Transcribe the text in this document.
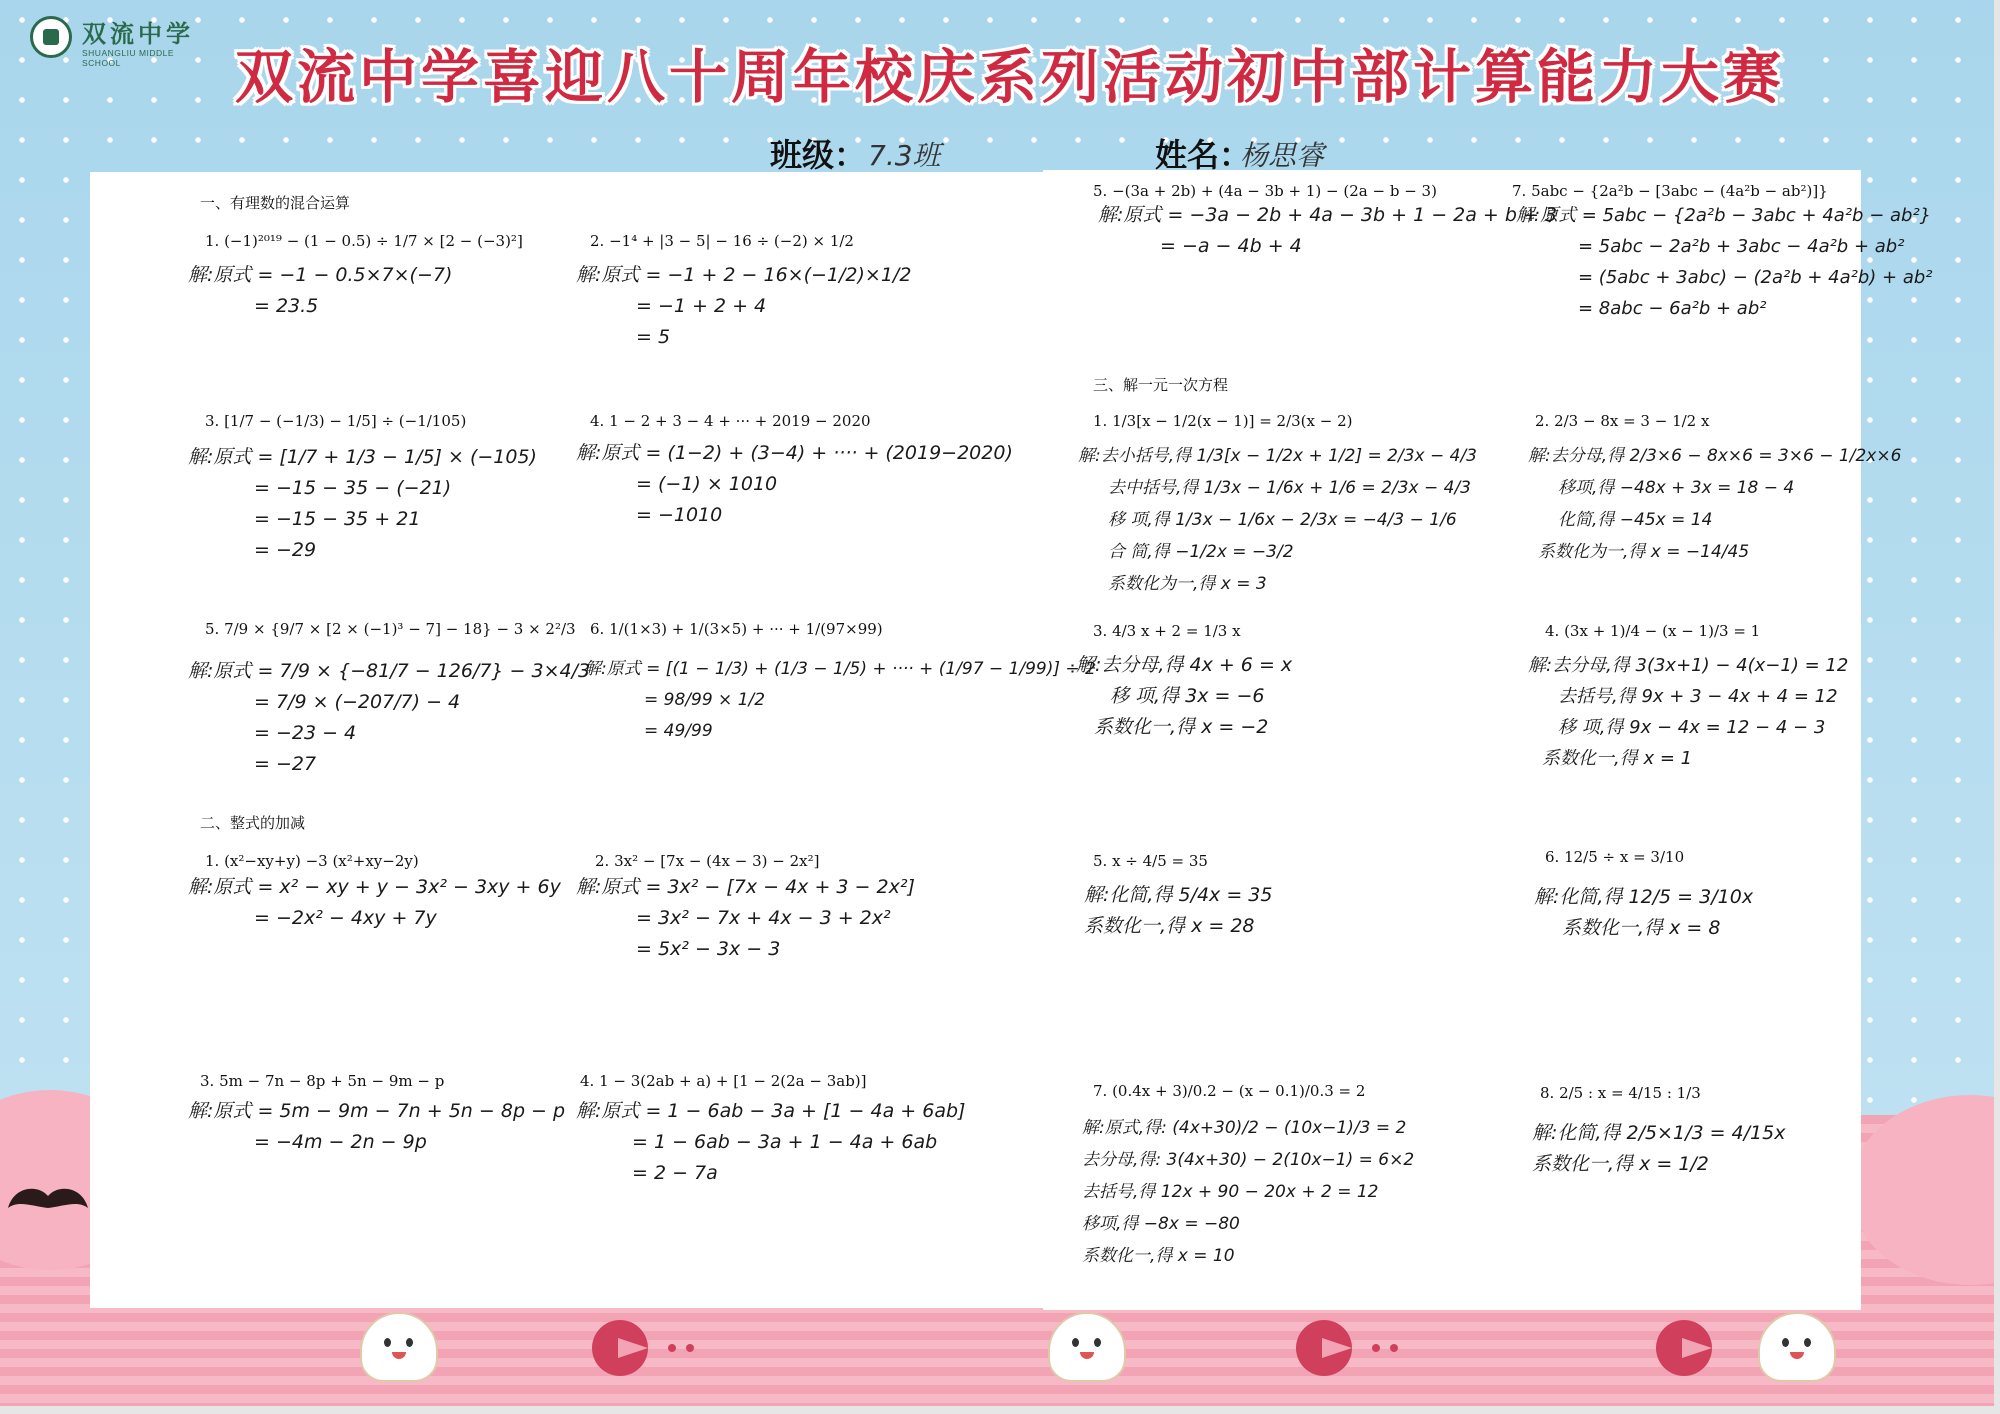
双流中学
SHUANGLIU MIDDLE SCHOOL	双流中学喜迎八十周年校庆系列活动初中部计算能力大赛
班级： 7.3班	姓名：
杨思睿
一、有理数的混合运算
二、整式的加减
三、解一元一次方程
1. (−1)²⁰¹⁹ − (1 − 0.5) ÷ 1/7 × [2 − (−3)²]
解:原式 = −1 − 0.5×7×(−7)
= 23.5
2. −1⁴ + |3 − 5| − 16 ÷ (−2) × 1/2
解:原式 = −1 + 2 − 16×(−1/2)×1/2
= −1 + 2 + 4
= 5
3. [1/7 − (−1/3) − 1/5] ÷ (−1/105)
解:原式 = [1/7 + 1/3 − 1/5] × (−105)
= −15 − 35 − (−21)
= −15 − 35 + 21
= −29
4. 1 − 2 + 3 − 4 + ··· + 2019 − 2020
解:原式 = (1−2) + (3−4) + ···· + (2019−2020)
= (−1) × 1010
= −1010
5. 7/9 × {9/7 × [2 × (−1)³ − 7] − 18} − 3 × 2²/3
解:原式 = 7/9 × {−81/7 − 126/7} − 3×4/3
= 7/9 × (−207/7) − 4
= −23 − 4
= −27
6. 1/(1×3) + 1/(3×5) + ··· + 1/(97×99)
解:原式 = [(1 − 1/3) + (1/3 − 1/5) + ···· + (1/97 − 1/99)] ÷ 2
= 98/99 × 1/2
= 49/99
1. (x²−xy+y) −3 (x²+xy−2y)
解:原式 = x² − xy + y − 3x² − 3xy + 6y
= −2x² − 4xy + 7y
2. 3x² − [7x − (4x − 3) − 2x²]
解:原式 = 3x² − [7x − 4x + 3 − 2x²]
= 3x² − 7x + 4x − 3 + 2x²
= 5x² − 3x − 3
3. 5m − 7n − 8p + 5n − 9m − p
解:原式 = 5m − 9m − 7n + 5n − 8p − p
= −4m − 2n − 9p
4. 1 − 3(2ab + a) + [1 − 2(2a − 3ab)]
解:原式 = 1 − 6ab − 3a + [1 − 4a + 6ab]
= 1 − 6ab − 3a + 1 − 4a + 6ab
= 2 − 7a
5. −(3a + 2b) + (4a − 3b + 1) − (2a − b − 3)
解:原式 = −3a − 2b + 4a − 3b + 1 − 2a + b + 3
= −a − 4b + 4
7. 5abc − {2a²b − [3abc − (4a²b − ab²)]}
解:原式 = 5abc − {2a²b − 3abc + 4a²b − ab²}
= 5abc − 2a²b + 3abc − 4a²b + ab²
= (5abc + 3abc) − (2a²b + 4a²b) + ab²
= 8abc − 6a²b + ab²
1. 1/3[x − 1/2(x − 1)] = 2/3(x − 2)
解:去小括号,得 1/3[x − 1/2x + 1/2] = 2/3x − 4/3
去中括号,得 1/3x − 1/6x + 1/6 = 2/3x − 4/3
移 项,得 1/3x − 1/6x − 2/3x = −4/3 − 1/6
合 简,得 −1/2x = −3/2
系数化为一,得 x = 3
2. 2/3 − 8x = 3 − 1/2 x
解:去分母,得 2/3×6 − 8x×6 = 3×6 − 1/2x×6
移项,得 −48x + 3x = 18 − 4
化简,得 −45x = 14
系数化为一,得 x = −14/45
3. 4/3 x + 2 = 1/3 x
解:去分母,得 4x + 6 = x
移 项,得 3x = −6
系数化一,得 x = −2
4. (3x + 1)/4 − (x − 1)/3 = 1
解:去分母,得 3(3x+1) − 4(x−1) = 12
去括号,得 9x + 3 − 4x + 4 = 12
移 项,得 9x − 4x = 12 − 4 − 3
系数化一,得 x = 1
5. x ÷ 4/5 = 35
解:化简,得 5/4x = 35
系数化一,得 x = 28
6. 12/5 ÷ x = 3/10
解:化简,得 12/5 = 3/10x
系数化一,得 x = 8
7. (0.4x + 3)/0.2 − (x − 0.1)/0.3 = 2
解:原式,得: (4x+30)/2 − (10x−1)/3 = 2
去分母,得: 3(4x+30) − 2(10x−1) = 6×2
去括号,得 12x + 90 − 20x + 2 = 12
移项,得 −8x = −80
系数化一,得 x = 10
8. 2/5 : x = 4/15 : 1/3
解:化简,得 2/5×1/3 = 4/15x
系数化一,得 x = 1/2
